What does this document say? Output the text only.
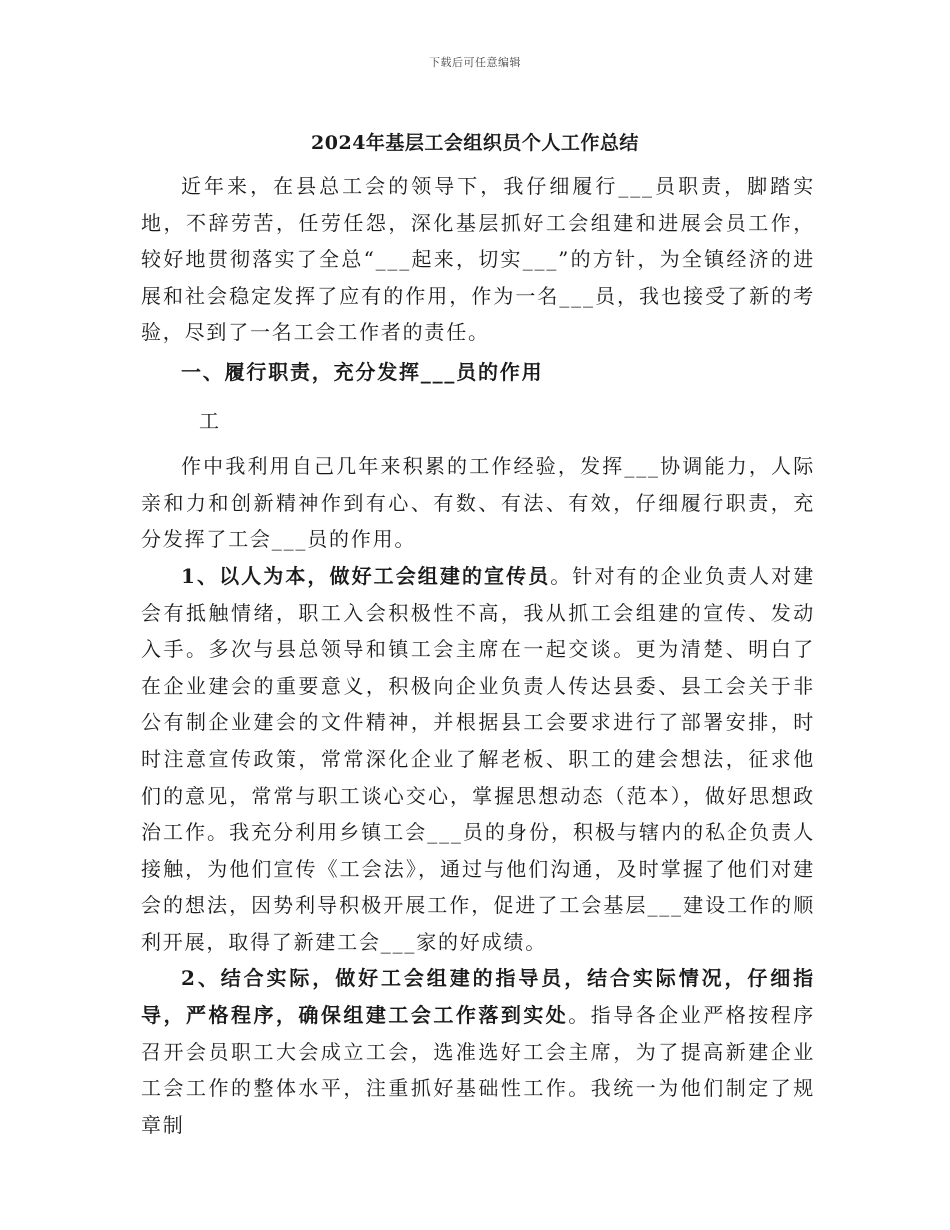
下载后可任意编辑
2024年基层工会组织员个人工作总结

近年来，在县总工会的领导下，我仔细履行___员职责，脚踏实地，不辞劳苦，任劳任怨，深化基层抓好工会组建和进展会员工作，较好地贯彻落实了全总“___起来，切实___”的方针，为全镇经济的进展和社会稳定发挥了应有的作用，作为一名___员，我也接受了新的考验，尽到了一名工会工作者的责任。

一、履行职责，充分发挥___员的作用

工

作中我利用自己几年来积累的工作经验，发挥___协调能力，人际亲和力和创新精神作到有心、有数、有法、有效，仔细履行职责，充分发挥了工会___员的作用。

1、以人为本，做好工会组建的宣传员。针对有的企业负责人对建会有抵触情绪，职工入会积极性不高，我从抓工会组建的宣传、发动入手。多次与县总领导和镇工会主席在一起交谈。更为清楚、明白了在企业建会的重要意义，积极向企业负责人传达县委、县工会关于非公有制企业建会的文件精神，并根据县工会要求进行了部署安排，时时注意宣传政策，常常深化企业了解老板、职工的建会想法，征求他们的意见，常常与职工谈心交心，掌握思想动态（范本），做好思想政治工作。我充分利用乡镇工会___员的身份，积极与辖内的私企负责人接触，为他们宣传《工会法》，通过与他们沟通，及时掌握了他们对建会的想法，因势利导积极开展工作，促进了工会基层___建设工作的顺利开展，取得了新建工会___家的好成绩。

2、结合实际，做好工会组建的指导员，结合实际情况，仔细指导，严格程序，确保组建工会工作落到实处。指导各企业严格按程序召开会员职工大会成立工会，选准选好工会主席，为了提高新建企业工会工作的整体水平，注重抓好基础性工作。我统一为他们制定了规章制
